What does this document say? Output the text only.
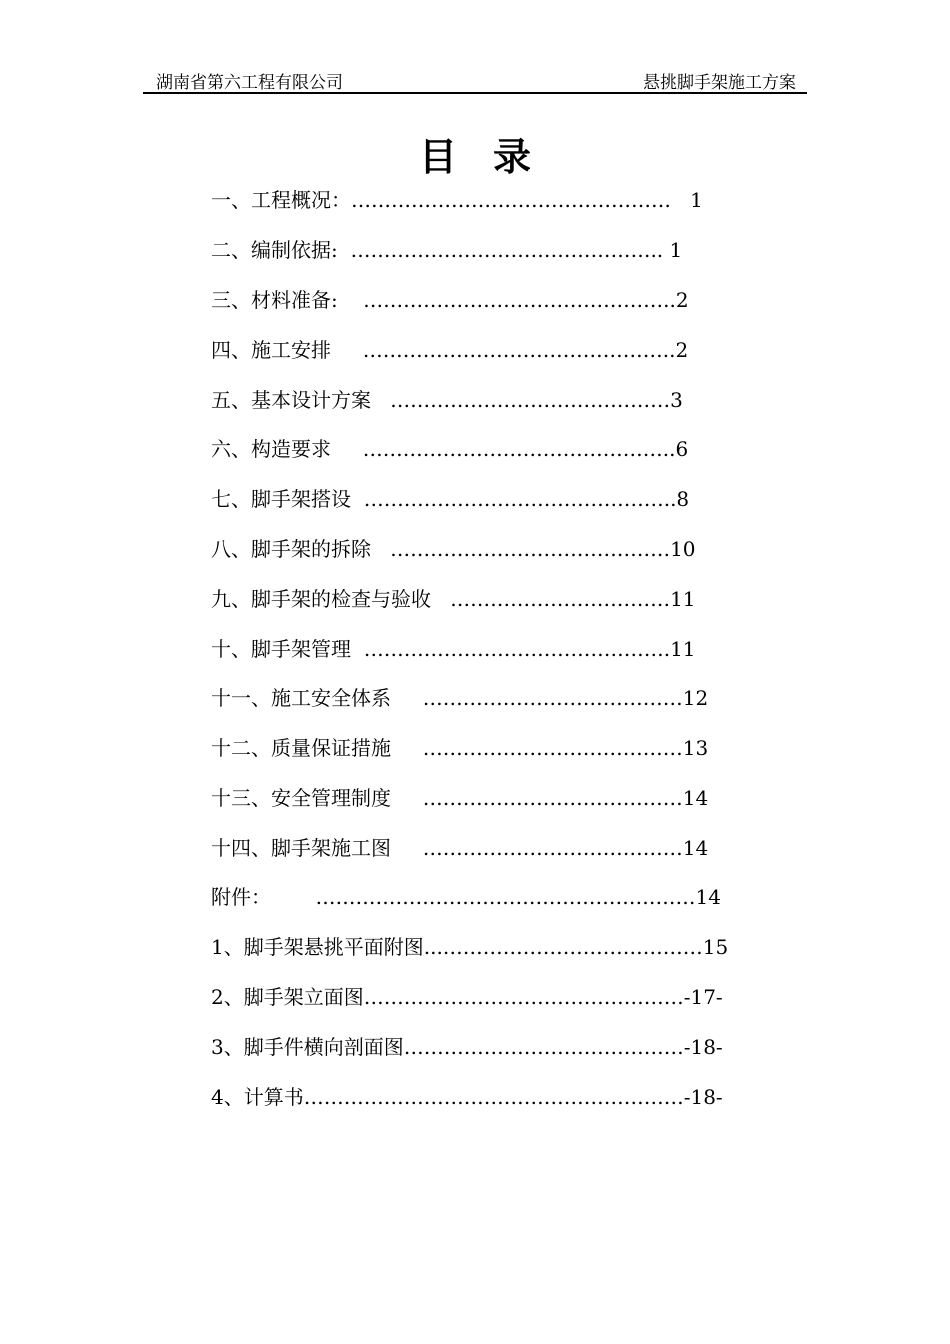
湖南省第六工程有限公司	悬挑脚手架施工方案
目录
一、工程概况：…………………………………………   1
二、编制依据:  ……………………………………….. 1
三、材料准备:    ………………………………………..2
四、施工安排     ………………………………………..2
五、基本设计方案   ……………………………………3
六、构造要求     ………………………………………..6
七、脚手架搭设  ………………………………………..8
八、脚手架的拆除   ……………………………………10
九、脚手架的检查与验收   ……………………………11
十、脚手架管理  ……………………………………….11
十一、施工安全体系     …………………………………12
十二、质量保证措施     …………………………………13
十三、安全管理制度     …………………………………14
十四、脚手架施工图     …………………………………14
附件：       …………………………………………………14
1、脚手架悬挑平面附图...…………………………………15
2、脚手架立面图…………………………………………-17-
3、脚手件横向剖面图……………………………………-18-
4、计算书…………………………………………………-18-
